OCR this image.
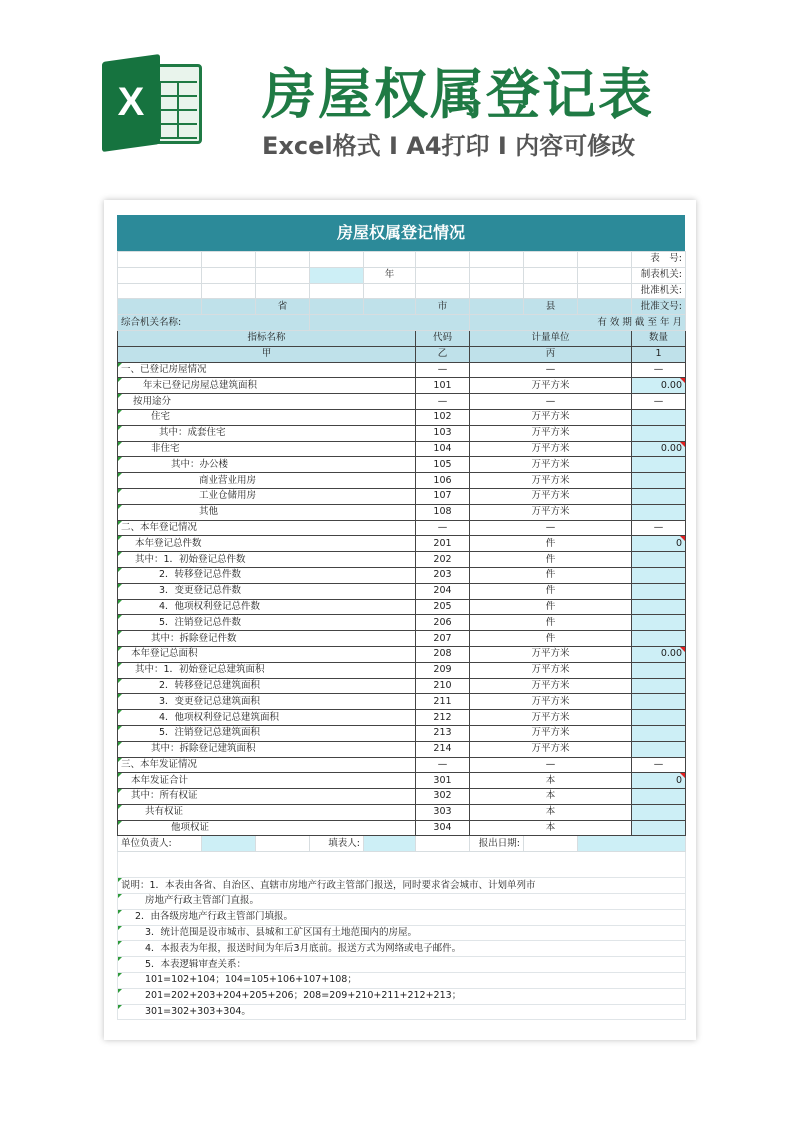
X 房屋权属登记表
Excel格式 I A4打印 I 内容可修改
房屋权属登记情况
									表　号:
				年					制表机关:
									批准机关:
		省			市		县		批准文号:
综合机关名称:						有 效 期 截 至 年 月			
指标名称					代码	计量单位			数量
甲					乙	丙			1
一、已登记房屋情况					—	—			—
年末已登记房屋总建筑面积					101	万平方米			0.00
按用途分					—	—			—
住宅					102	万平方米			
其中：成套住宅					103	万平方米			
非住宅					104	万平方米			0.00
其中：办公楼					105	万平方米			
商业营业用房					106	万平方米			
工业仓储用房					107	万平方米			
其他					108	万平方米			
二、本年登记情况					—	—			—
本年登记总件数					201	件			0
其中：1．初始登记总件数					202	件			
2．转移登记总件数					203	件			
3．变更登记总件数					204	件			
4．他项权利登记总件数					205	件			
5．注销登记总件数					206	件			
其中：拆除登记件数					207	件			
本年登记总面积					208	万平方米			0.00
其中：1．初始登记总建筑面积					209	万平方米			
2．转移登记总建筑面积					210	万平方米			
3．变更登记总建筑面积					211	万平方米			
4．他项权利登记总建筑面积					212	万平方米			
5．注销登记总建筑面积					213	万平方米			
其中：拆除登记建筑面积					214	万平方米			
三、本年发证情况					—	—			—
本年发证合计					301	本			0
其中：所有权证					302	本			
共有权证					303	本			
他项权证					304	本			
单位负责人:			填表人:			报出日期:			

说明：1．本表由各省、自治区、直辖市房地产行政主管部门报送，同时要求省会城市、计划单列市									
房地产行政主管部门直报。									
2．由各级房地产行政主管部门填报。									
3．统计范围是设市城市、县城和工矿区国有土地范围内的房屋。									
4．本报表为年报，报送时间为年后3月底前。报送方式为网络或电子邮件。									
5．本表逻辑审查关系：									
101=102+104；104=105+106+107+108；									
201=202+203+204+205+206；208=209+210+211+212+213；									
301=302+303+304。									
